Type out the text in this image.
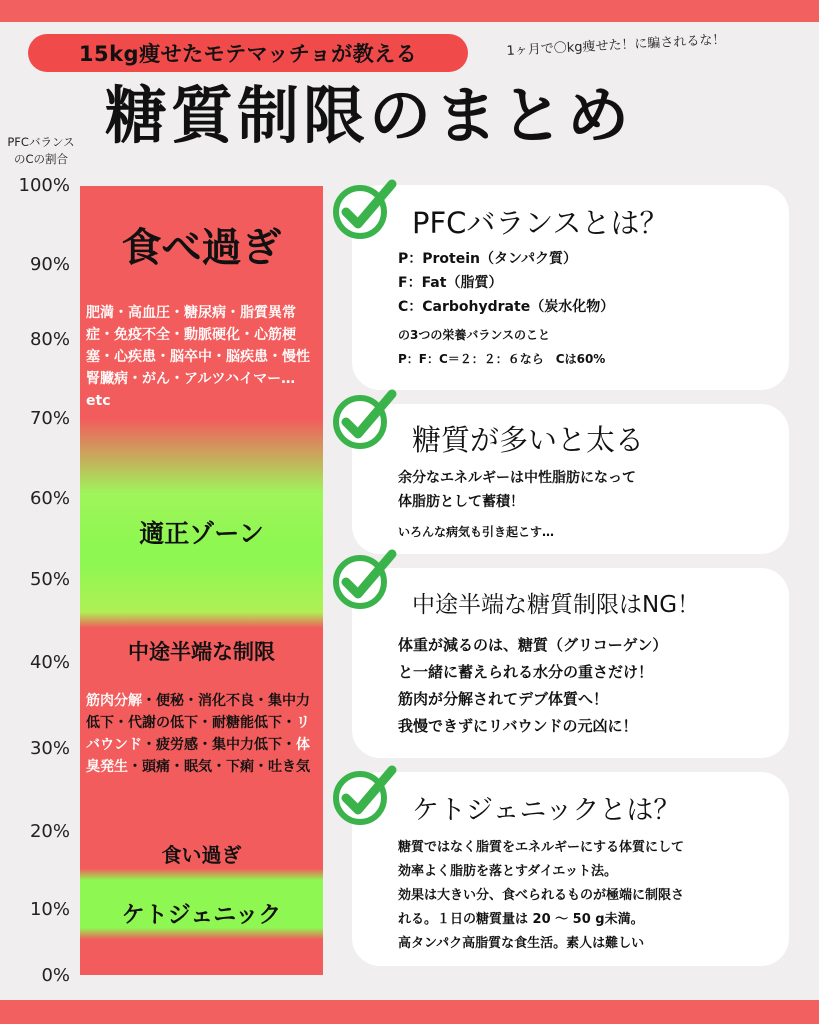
15kg痩せたモテマッチョが教える	1ヶ月で〇kg痩せた！に騙されるな！
糖質制限のまとめ
PFCバランス
のCの割合
100%
90%
80%
70%
60%
50%
40%
30%
20%
10%
0%
食べ過ぎ
適正ゾーン
中途半端な制限
食い過ぎ
ケトジェニック
肥満・高血圧・糖尿病・脂質異常症・免疫不全・動脈硬化・心筋梗塞・心疾患・脳卒中・脳疾患・慢性腎臓病・がん・アルツハイマー…etc
筋肉分解・便秘・消化不良・集中力低下・代謝の低下・耐糖能低下・リバウンド・疲労感・集中力低下・体臭発生・頭痛・眠気・下痢・吐き気
PFCバランスとは？
P：Protein（タンパク質）
F：Fat（脂質）
C：Carbohydrate（炭水化物）
の3つの栄養バランスのこと
P：F：C＝２：２：６なら　Cは60%
糖質が多いと太る
余分なエネルギーは中性脂肪になって
体脂肪として蓄積！
いろんな病気も引き起こす…
中途半端な糖質制限はNG！
体重が減るのは、糖質（グリコーゲン）
と一緒に蓄えられる水分の重さだけ！
筋肉が分解されてデブ体質へ！
我慢できずにリバウンドの元凶に！
ケトジェニックとは？
糖質ではなく脂質をエネルギーにする体質にして
効率よく脂肪を落とすダイエット法。
効果は大きい分、食べられるものが極端に制限さ
れる。１日の糖質量は 20 ～ 50 g未満。
高タンパク高脂質な食生活。素人は難しい
